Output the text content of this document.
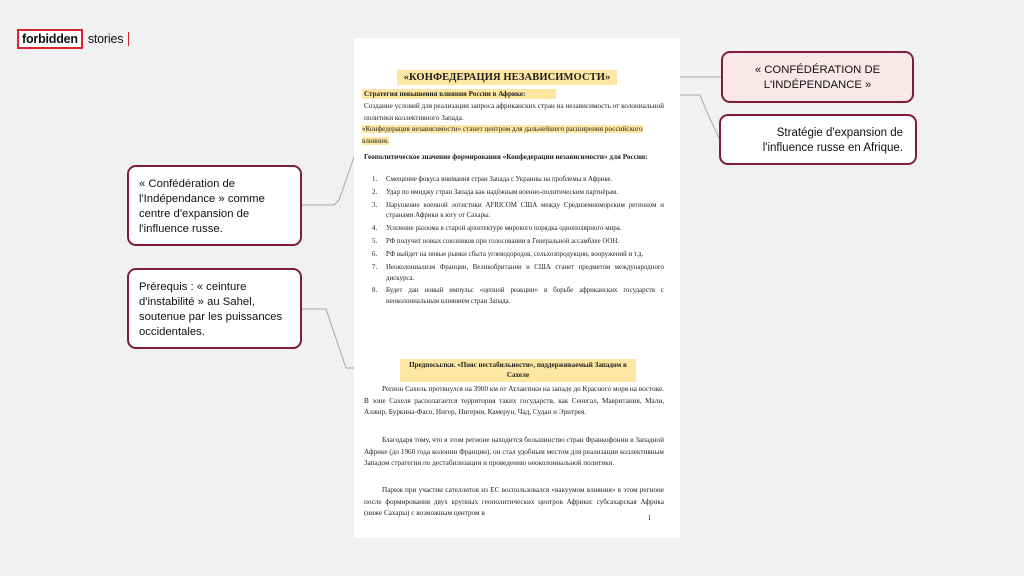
forbidden stories
«КОНФЕДЕРАЦИЯ НЕЗАВИСИМОСТИ»
Стратегия повышения влияния России в Африке:
Создание условий для реализации запроса африканских стран на независимость от колониальной политики коллективного Запада.
«Конфедерация независимости» станет центром для дальнейшего расширения российского влияния.
Геополитическое значение формирования «Конфедерации независимости» для России:
1. Смещение фокуса внимания стран Запада с Украины на проблемы в Африке.
2. Удар по имиджу стран Запада как надёжным военно-политическим партнёрам.
3. Нарушение военной логистики AFRICOM США между Средиземноморским регионом и странами Африки к югу от Сахары.
4. Усиление разлома в старой архитектуре мирового порядка однополярного мира.
5. РФ получит новых союзников при голосовании в Генеральной ассамблее ООН.
6. РФ выйдет на новые рынки сбыта углеводородов, сельхозпродукции, вооружений и т.д.
7. Неоколониализм Франции, Великобритании и США станет предметом международного дискурса.
8. Будет дан новый импульс «цепной реакции» в борьбе африканских государств с неоколониальным влиянием стран Запада.
Предпосылки. «Пояс нестабильности», поддерживаемый Западом в Сахеле
Регион Сахель протянулся на 3900 км от Атлантики на западе до Красного моря на востоке. В зоне Сахеля располагается территория таких государств, как Сенегал, Мавритания, Мали, Алжир, Буркина-Фасо, Нигер, Нигерия, Камерун, Чад, Судан и Эритрея.
Благодаря тому, что в этом регионе находится большинство стран Франкофонии в Западной Африке (до 1960 года колонии Франции), он стал удобным местом для реализации коллективным Западом стратегии по дестабилизации и проведению неоколониальной политики.
Париж при участии сателлитов из ЕС воспользовался «вакуумом влияния» в этом регионе после формирования двух крупных геополитических центров Африки: субсахарская Африка (ниже Сахары) с возможным центром в
1
« CONFÉDÉRATION DE L'INDÉPENDANCE »
Stratégie d'expansion de l'influence russe en Afrique.
« Confédération de l'Indépendance » comme centre d'expansion de l'influence russe.
Prérequis : « ceinture d'instabilité » au Sahel, soutenue par les puissances occidentales.
